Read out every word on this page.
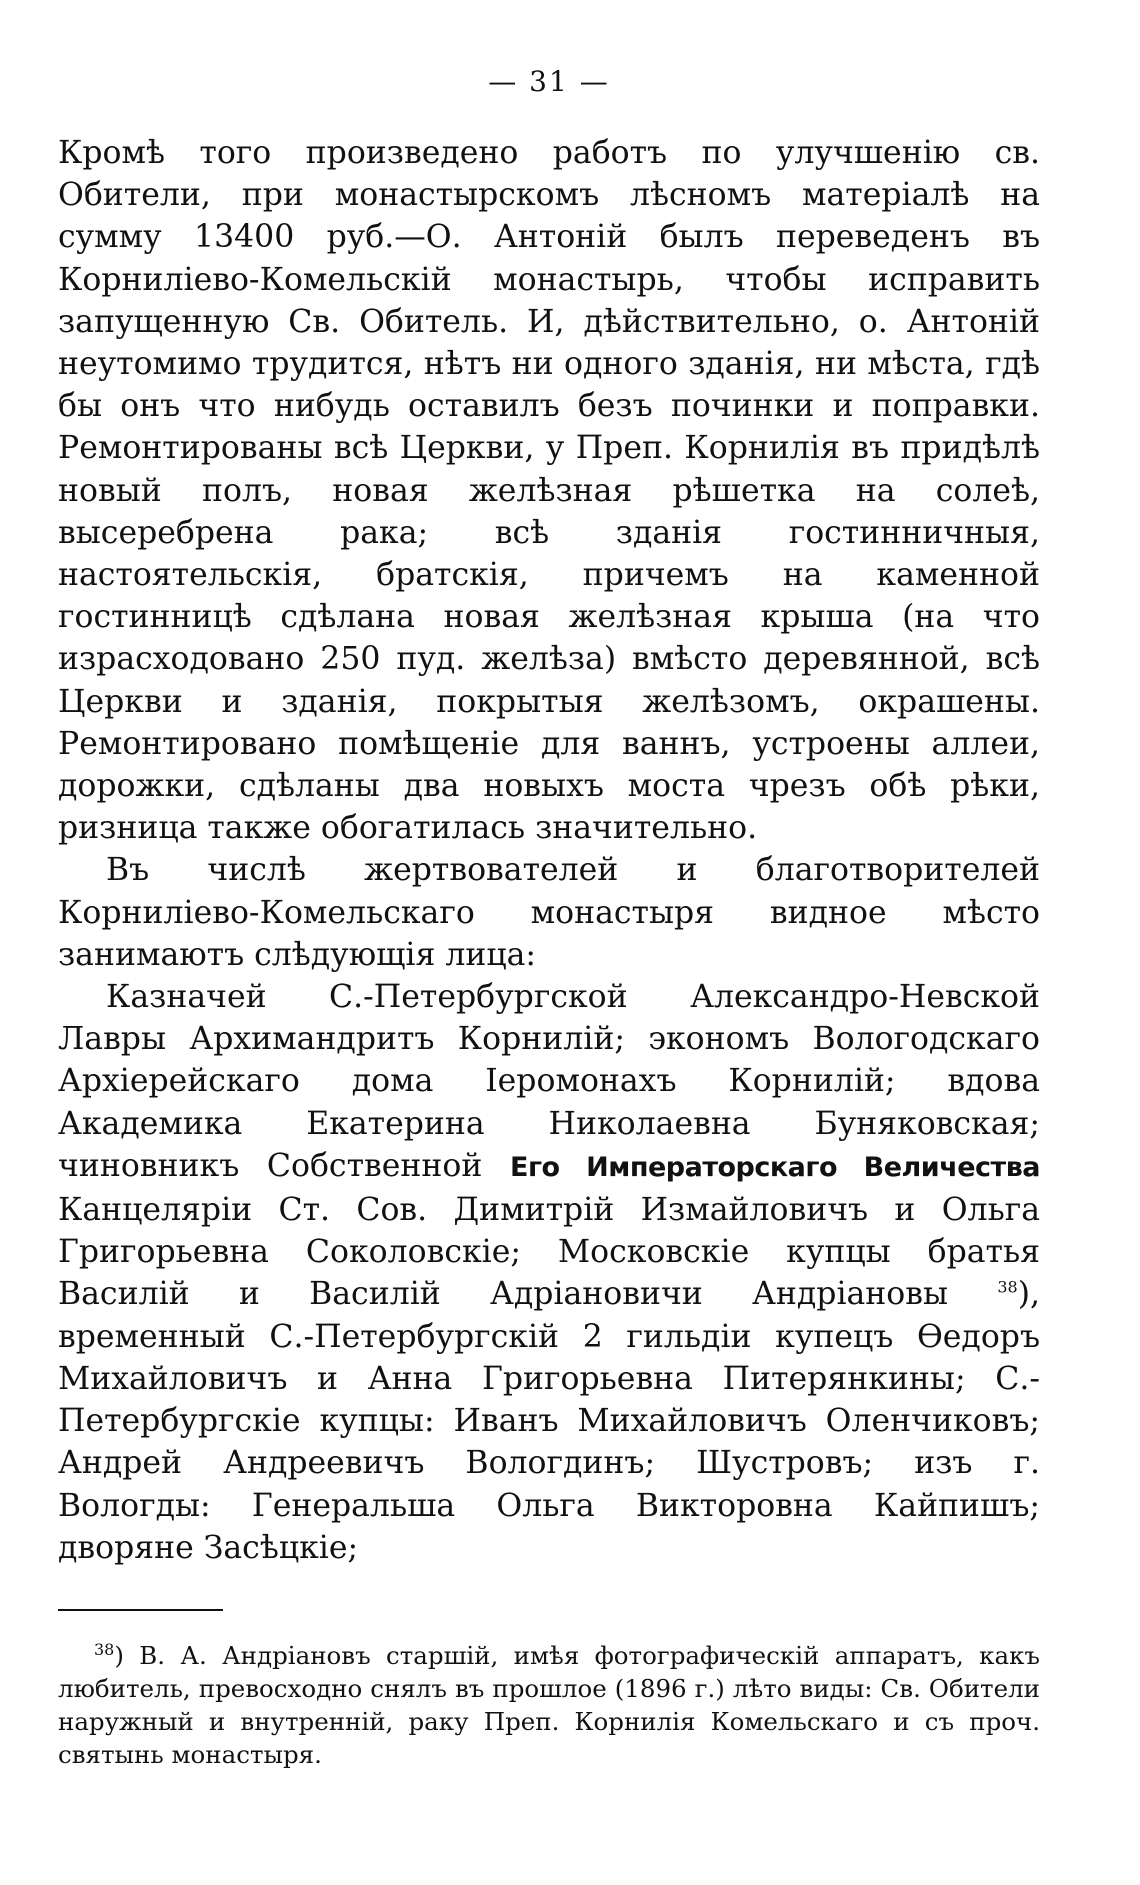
— 31 —

Кромѣ того произведено работъ по улучшенію св. Обители, при монастырскомъ лѣсномъ матеріалѣ на сумму 13400 руб.—О. Антоній былъ переведенъ въ Корниліево-Комельскій монастырь, чтобы исправить запущенную Св. Обитель. И, дѣйствительно, о. Антоній неутомимо трудится, нѣтъ ни одного зданія, ни мѣста, гдѣ бы онъ что нибудь оставилъ безъ починки и поправки. Ремонтированы всѣ Церкви, у Преп. Корнилія въ придѣлѣ новый полъ, новая желѣзная рѣшетка на солеѣ, высеребрена рака; всѣ зданія гостинничныя, настоятельскія, братскія, причемъ на каменной гостинницѣ сдѣлана новая желѣзная крыша (на что израсходовано 250 пуд. желѣза) вмѣсто деревянной, всѣ Церкви и зданія, покрытыя желѣзомъ, окрашены. Ремонтировано помѣщеніе для ваннъ, устроены аллеи, дорожки, сдѣланы два новыхъ моста чрезъ обѣ рѣки, ризница также обогатилась значительно.

Въ числѣ жертвователей и благотворителей Корниліево-Комельскаго монастыря видное мѣсто занимаютъ слѣдующія лица:

Казначей С.-Петербургской Александро-Невской Лавры Архимандритъ Корнилій; экономъ Вологодскаго Архіерейскаго дома Іеромонахъ Корнилій; вдова Академика Екатерина Николаевна Буняковская; чиновникъ Собственной Его Императорскаго Величества Канцеляріи Ст. Сов. Димитрій Измайловичъ и Ольга Григорьевна Соколовскіе; Московскіе купцы братья Василій и Василій Адріановичи Андріановы	$^{38}$), временный С.-Петербургскій 2 гильдіи купецъ Ѳедоръ Михайловичъ и Анна Григорьевна Питерянкины; С.-Петербургскіе купцы: Иванъ Михайловичъ Оленчиковъ; Андрей Андреевичъ Вологдинъ; Шустровъ; изъ г. Вологды: Генеральша Ольга Викторовна Кайпишъ; дворяне Засѣцкіе;

$^{38}$) В. А. Андріановъ старшій, имѣя фотографическій аппаратъ, какъ любитель, превосходно снялъ въ прошлое (1896 г.) лѣто виды: Св. Обители наружный и внутренній, раку Преп. Корнилія Комельскаго и съ проч. святынь монастыря.
